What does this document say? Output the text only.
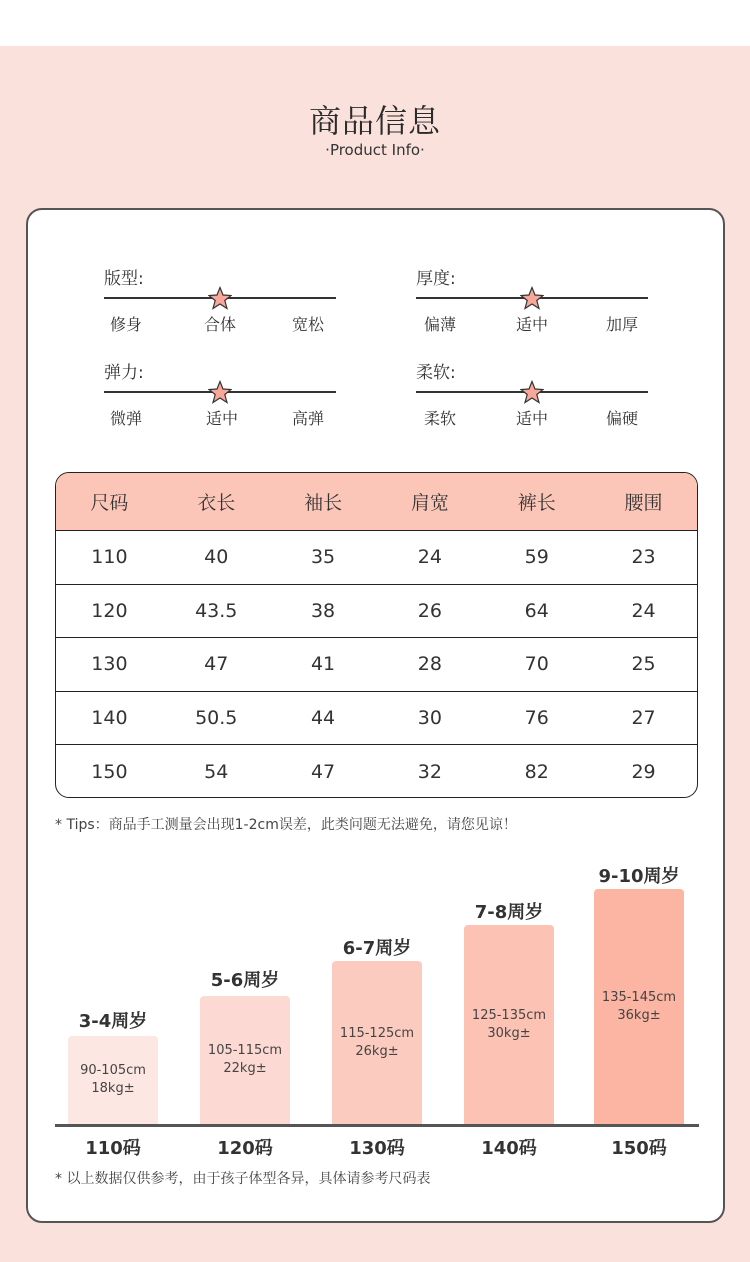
商品信息
·Product Info·
版型:
修身	合体	宽松
厚度:
偏薄	适中	加厚
弹力:
微弹	适中	高弹
柔软:
柔软	适中	偏硬
尺码	衣长	袖长	肩宽	裤长	腰围
110	40	35	24	59	23
120	43.5	38	26	64	24
130	47	41	28	70	25
140	50.5	44	30	76	27
150	54	47	32	82	29
* Tips：商品手工测量会出现1-2cm误差，此类问题无法避免，请您见谅！
3-4周岁
90-105cm
18kg±
5-6周岁
105-115cm
22kg±
6-7周岁
115-125cm
26kg±
7-8周岁
125-135cm
30kg±
9-10周岁
135-145cm
36kg±
110码	120码	130码	140码	150码
* 以上数据仅供参考，由于孩子体型各异，具体请参考尺码表
